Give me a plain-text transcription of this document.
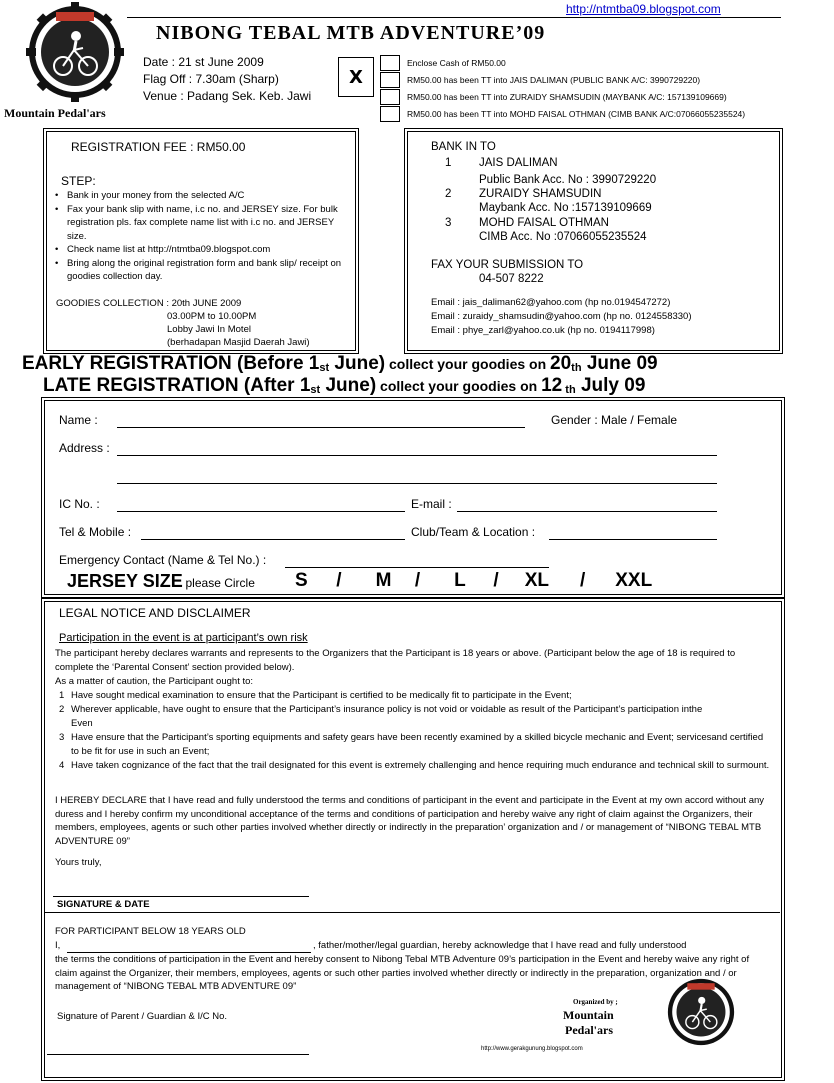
Mountain Pedal'ars
http://ntmtba09.blogspot.com
NIBONG TEBAL MTB ADVENTURE’09
Date : 21 st June 2009
Flag Off : 7.30am (Sharp)
Venue : Padang Sek. Keb. Jawi
X
Enclose Cash of RM50.00
RM50.00 has been TT into JAIS DALIMAN (PUBLIC BANK A/C: 3990729220)
RM50.00 has been TT into ZURAIDY SHAMSUDIN (MAYBANK A/C: 157139109669)
RM50.00 has been TT into MOHD FAISAL OTHMAN (CIMB BANK A/C:07066055235524)
REGISTRATION FEE : RM50.00
STEP:
• Bank in your money from the selected A/C
• Fax your bank slip with name, i.c no. and JERSEY size. For bulk registration pls. fax complete name list with i.c no. and JERSEY size.
• Check name list at http://ntmtba09.blogspot.com
• Bring along the original registration form and bank slip/ receipt on goodies collection day.
GOODIES COLLECTION : 20th JUNE 2009
03.00PM to 10.00PM
Lobby Jawi In Motel
(berhadapan Masjid Daerah Jawi)
BANK IN TO
1 JAIS DALIMAN
Public Bank Acc. No : 3990729220
2 ZURAIDY SHAMSUDIN
Maybank Acc. No :157139109669
3 MOHD FAISAL OTHMAN
CIMB Acc. No :07066055235524
FAX YOUR SUBMISSION TO
04-507 8222
Email : jais_daliman62@yahoo.com (hp no.0194547272)
Email : zuraidy_shamsudin@yahoo.com (hp no. 0124558330)
Email : phye_zarl@yahoo.co.uk (hp no. 0194117998)
EARLY REGISTRATION (Before $1_{st}$ June) collect your goodies on $20_{th}$ June 09
LATE REGISTRATION (After $1_{st}$ June) collect your goodies on 12 $_{th}$ July 09
Name :	Gender : Male / Female
Address :
IC No. :	E-mail :
Tel & Mobile :	Club/Team & Location :
Emergency Contact (Name & Tel No.) :
JERSEY SIZE please Circle S / M / L / XL / XXL
LEGAL NOTICE AND DISCLAIMER
Participation in the event is at participant’s own risk
The participant hereby declares warrants and represents to the Organizers that the Participant is 18 years or above. (Participant below the age of 18 is required to complete the ‘Parental Consent’ section provided below).
As a matter of caution, the Participant ought to:
1 Have sought medical examination to ensure that the Participant is certified to be medically fit to participate in the Event;
2 Wherever applicable, have ought to ensure that the Participant’s insurance policy is not void or voidable as result of the Participant’s participation inthe Even
3 Have ensure that the Participant’s sporting equipments and safety gears have been recently examined by a skilled bicycle mechanic and Event; servicesand certified to be fit for use in such an Event;
4 Have taken cognizance of the fact that the trail designated for this event is extremely challenging and hence requiring much endurance and technical skill to surmount.
I HEREBY DECLARE that I have read and fully understood the terms and conditions of participant in the event and participate in the Event at my own accord without any duress and I hereby confirm my unconditional acceptance of the terms and conditions of participation and hereby waive any right of claim against the Organizers, their members, employees, agents or such other parties involved whether directly or indirectly in the preparation’ organization and / or management of “NIBONG TEBAL MTB ADVENTURE 09”
Yours truly,
SIGNATURE & DATE
FOR PARTICIPANT BELOW 18 YEARS OLD
I,	, father/mother/legal guardian, hereby acknowledge that I have read and fully understood
the terms the conditions of participation in the Event and hereby consent to Nibong Tebal MTB Adventure 09’s participation in the Event and hereby waive any right of claim against the Organizer, their members, employees, agents or such other parties involved whether directly or indirectly in the preparation, organization and / or management of “NIBONG TEBAL MTB ADVENTURE 09”
Signature of Parent / Guardian & I/C No.
Organized by ;
Mountain
Pedal'ars
http://www.gerakgunung.blogspot.com
